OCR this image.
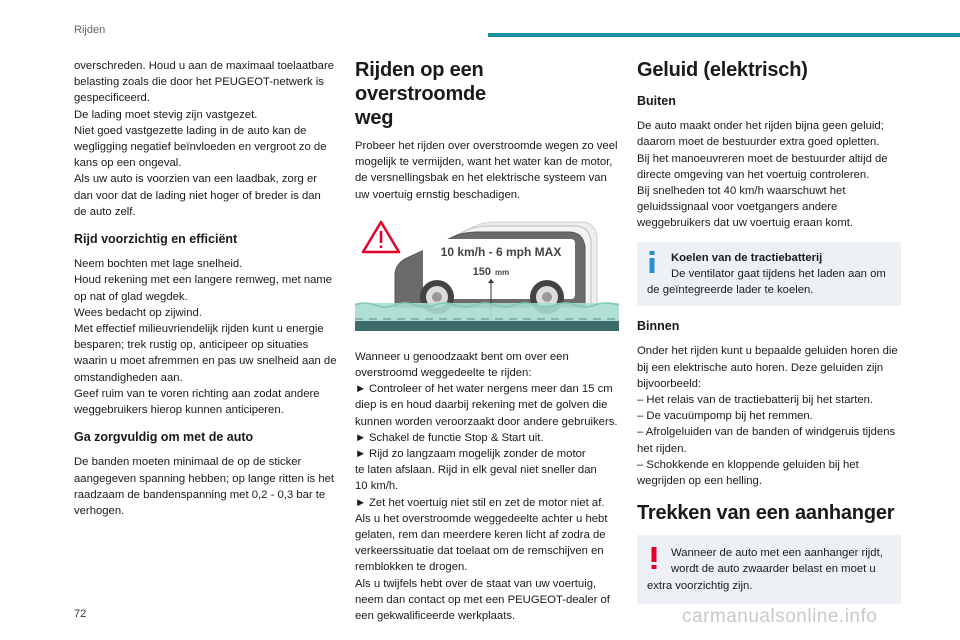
Rijden

overschreden. Houd u aan de maximaal toelaatbare

belasting zoals die door het PEUGEOT-netwerk is

gespecificeerd.

De lading moet stevig zijn vastgezet.

Niet goed vastgezette lading in de auto kan de

wegligging negatief beïnvloeden en vergroot zo de

kans op een ongeval.

Als uw auto is voorzien van een laadbak, zorg er

dan voor dat de lading niet hoger of breder is dan

de auto zelf.

Rijd voorzichtig en efficiënt

Neem bochten met lage snelheid.

Houd rekening met een langere remweg, met name

op nat of glad wegdek.

Wees bedacht op zijwind.

Met effectief milieuvriendelijk rijden kunt u energie

besparen; trek rustig op, anticipeer op situaties

waarin u moet afremmen en pas uw snelheid aan de

omstandigheden aan.

Geef ruim van te voren richting aan zodat andere

weggebruikers hierop kunnen anticiperen.

Ga zorgvuldig om met de auto

De banden moeten minimaal de op de sticker

aangegeven spanning hebben; op lange ritten is het

raadzaam de bandenspanning met 0,2 - 0,3 bar te

verhogen.

Rijden op een overstroomde
weg

Probeer het rijden over overstroomde wegen zo veel

mogelijk te vermijden, want het water kan de motor,

de versnellingsbak en het elektrische systeem van

uw voertuig ernstig beschadigen.

10 km/h - 6 mph MAX
150 mm

Wanneer u genoodzaakt bent om over een

overstroomd weggedeelte te rijden:

► Controleer of het water nergens meer dan 15 cm

diep is en houd daarbij rekening met de golven die

kunnen worden veroorzaakt door andere gebruikers.

► Schakel de functie Stop & Start uit.

► Rijd zo langzaam mogelijk zonder de motor

te laten afslaan. Rijd in elk geval niet sneller dan

10 km/h.

► Zet het voertuig niet stil en zet de motor niet af.

Als u het overstroomde weggedeelte achter u hebt

gelaten, rem dan meerdere keren licht af zodra de

verkeerssituatie dat toelaat om de remschijven en

remblokken te drogen.

Als u twijfels hebt over de staat van uw voertuig,

neem dan contact op met een PEUGEOT-dealer of

een gekwalificeerde werkplaats.

Geluid (elektrisch)
Buiten

De auto maakt onder het rijden bijna geen geluid;

daarom moet de bestuurder extra goed opletten.

Bij het manoeuvreren moet de bestuurder altijd de

directe omgeving van het voertuig controleren.

Bij snelheden tot 40 km/h waarschuwt het

geluidssignaal voor voetgangers andere

weggebruikers dat uw voertuig eraan komt.

Koelen van de tractiebatterij
De ventilator gaat tijdens het laden aan om
de geïntegreerde lader te koelen.
Binnen

Onder het rijden kunt u bepaalde geluiden horen die

bij een elektrische auto horen. Deze geluiden zijn

bijvoorbeeld:

– Het relais van de tractiebatterij bij het starten.

– De vacuümpomp bij het remmen.

– Afrolgeluiden van de banden of windgeruis tijdens

het rijden.

– Schokkende en kloppende geluiden bij het

wegrijden op een helling.

Trekken van een aanhanger
Wanneer de auto met een aanhanger rijdt,
wordt de auto zwaarder belast en moet u
extra voorzichtig zijn.
72	carmanualsonline.info
